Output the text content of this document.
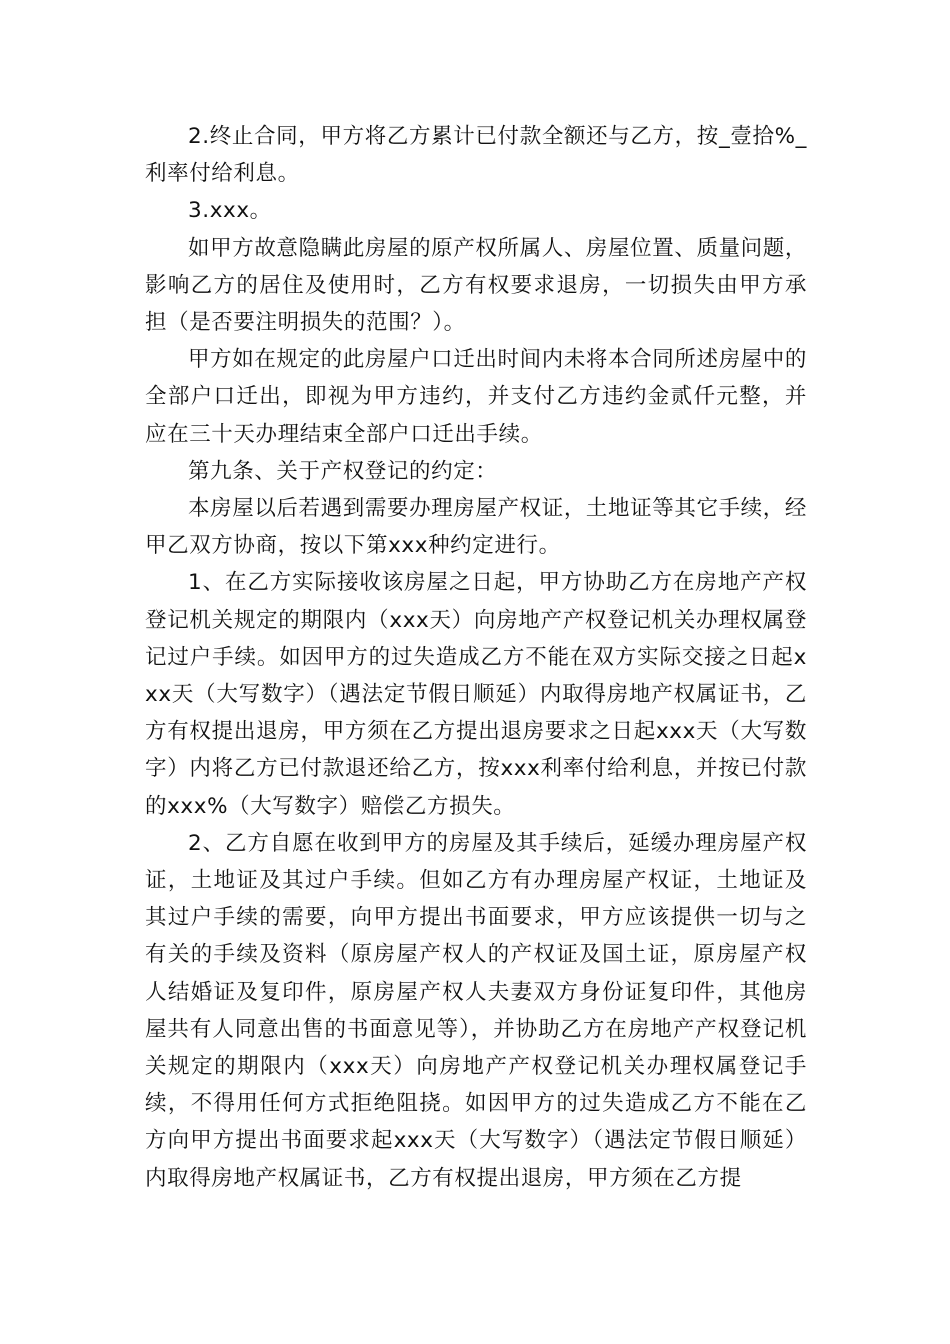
2.终止合同，甲方将乙方累计已付款全额还与乙方，按_壹拾%_利率付给利息。

3.xxx。

如甲方故意隐瞒此房屋的原产权所属人、房屋位置、质量问题，影响乙方的居住及使用时，乙方有权要求退房，一切损失由甲方承担（是否要注明损失的范围？）。

甲方如在规定的此房屋户口迁出时间内未将本合同所述房屋中的全部户口迁出，即视为甲方违约，并支付乙方违约金贰仟元整，并应在三十天办理结束全部户口迁出手续。

第九条、关于产权登记的约定：

本房屋以后若遇到需要办理房屋产权证，土地证等其它手续，经甲乙双方协商，按以下第xxx种约定进行。

1、在乙方实际接收该房屋之日起，甲方协助乙方在房地产产权登记机关规定的期限内（xxx天）向房地产产权登记机关办理权属登记过户手续。如因甲方的过失造成乙方不能在双方实际交接之日起xxx天（大写数字）（遇法定节假日顺延）内取得房地产权属证书，乙方有权提出退房，甲方须在乙方提出退房要求之日起xxx天（大写数字）内将乙方已付款退还给乙方，按xxx利率付给利息，并按已付款的xxx%（大写数字）赔偿乙方损失。

2、乙方自愿在收到甲方的房屋及其手续后，延缓办理房屋产权证，土地证及其过户手续。但如乙方有办理房屋产权证，土地证及其过户手续的需要，向甲方提出书面要求，甲方应该提供一切与之有关的手续及资料（原房屋产权人的产权证及国土证，原房屋产权人结婚证及复印件，原房屋产权人夫妻双方身份证复印件，其他房屋共有人同意出售的书面意见等），并协助乙方在房地产产权登记机关规定的期限内（xxx天）向房地产产权登记机关办理权属登记手续，不得用任何方式拒绝阻挠。如因甲方的过失造成乙方不能在乙方向甲方提出书面要求起xxx天（大写数字）（遇法定节假日顺延）内取得房地产权属证书，乙方有权提出退房，甲方须在乙方提
